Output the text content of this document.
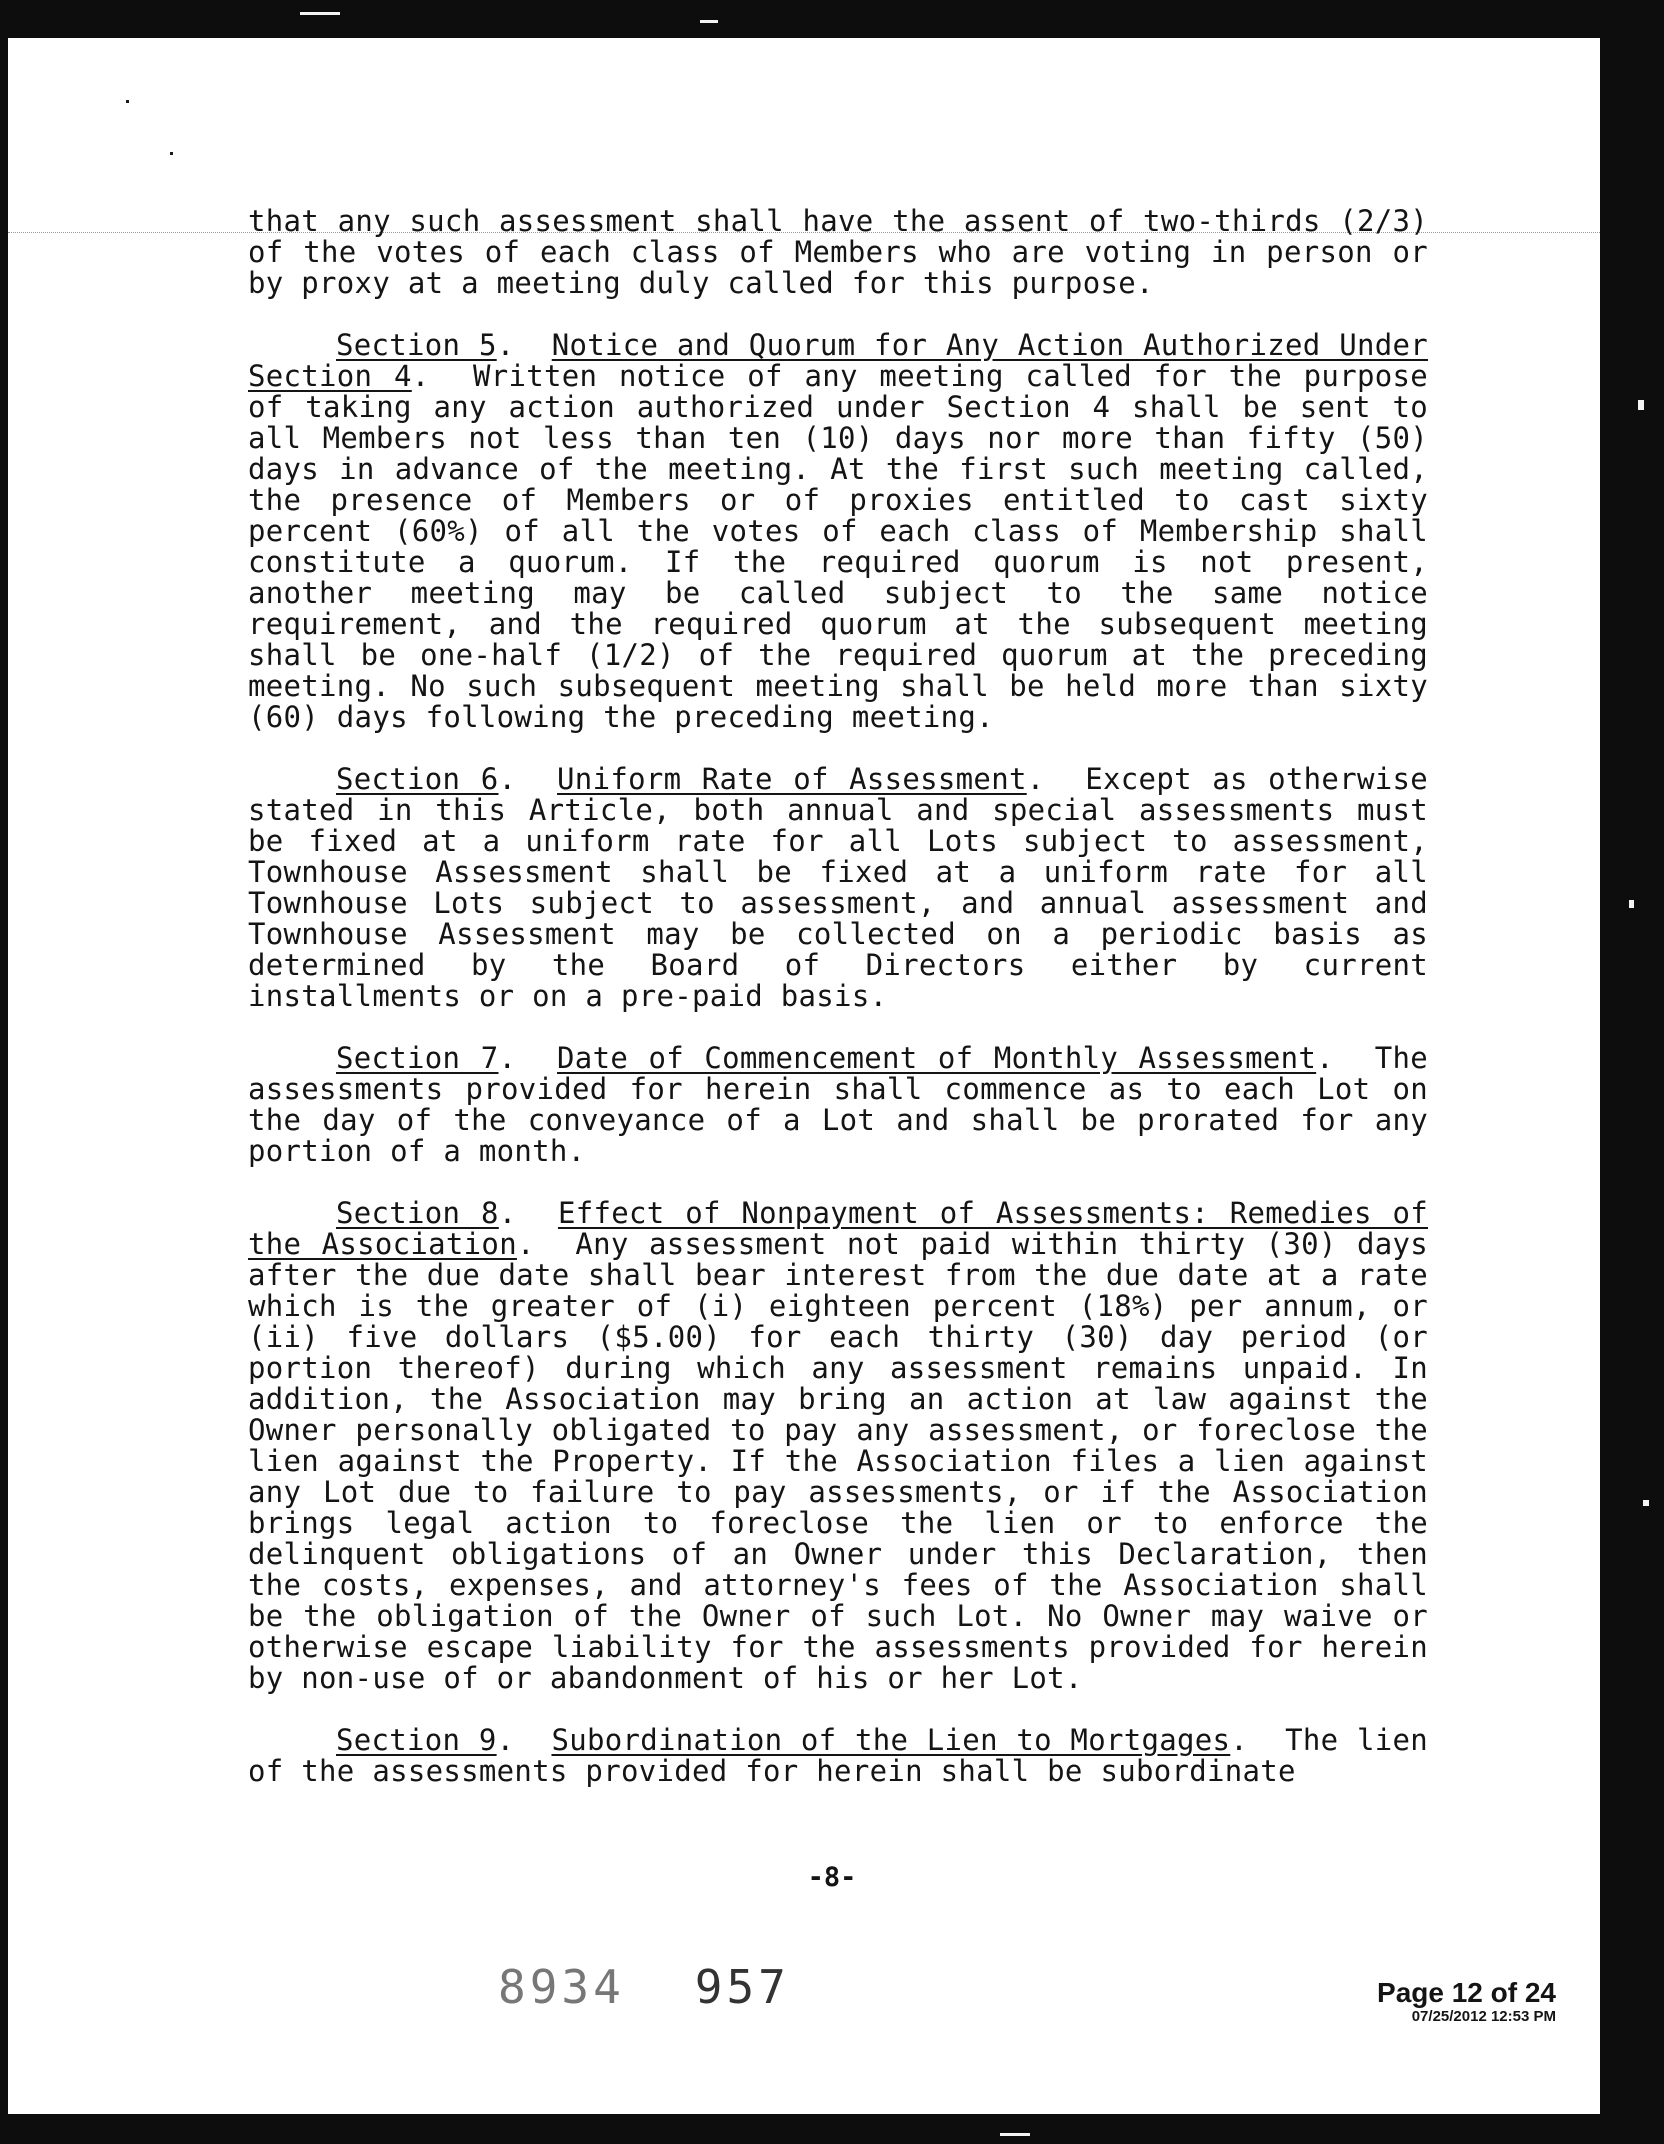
that any such assessment shall have the assent of two-thirds (2/3) of the votes of each class of Members who are voting in person or by proxy at a meeting duly called for this purpose.

Section 5.  Notice and Quorum for Any Action Authorized Under Section 4.  Written notice of any meeting called for the purpose of taking any action authorized under Section 4 shall be sent to all Members not less than ten (10) days nor more than fifty (50) days in advance of the meeting. At the first such meeting called, the presence of Members or of proxies entitled to cast sixty percent (60%) of all the votes of each class of Membership shall constitute a quorum. If the required quorum is not present, another meeting may be called subject to the same notice requirement, and the required quorum at the subsequent meeting shall be one-half (1/2) of the required quorum at the preceding meeting. No such subsequent meeting shall be held more than sixty (60) days following the preceding meeting.

Section 6.  Uniform Rate of Assessment.  Except as otherwise stated in this Article, both annual and special assessments must be fixed at a uniform rate for all Lots subject to assessment, Townhouse Assessment shall be fixed at a uniform rate for all Townhouse Lots subject to assessment, and annual assessment and Townhouse Assessment may be collected on a periodic basis as determined by the Board of Directors either by current installments or on a pre-paid basis.

Section 7.  Date of Commencement of Monthly Assessment.  The assessments provided for herein shall commence as to each Lot on the day of the conveyance of a Lot and shall be prorated for any portion of a month.

Section 8.  Effect of Nonpayment of Assessments: Remedies of the Association.  Any assessment not paid within thirty (30) days after the due date shall bear interest from the due date at a rate which is the greater of (i) eighteen percent (18%) per annum, or (ii) five dollars ($5.00) for each thirty (30) day period (or portion thereof) during which any assessment remains unpaid. In addition, the Association may bring an action at law against the Owner personally obligated to pay any assessment, or foreclose the lien against the Property. If the Association files a lien against any Lot due to failure to pay assessments, or if the Association brings legal action to foreclose the lien or to enforce the delinquent obligations of an Owner under this Declaration, then the costs, expenses, and attorney's fees of the Association shall be the obligation of the Owner of such Lot. No Owner may waive or otherwise escape liability for the assessments provided for herein by non-use of or abandonment of his or her Lot.

Section 9.  Subordination of the Lien to Mortgages.  The lien of the assessments provided for herein shall be subordinate

-8-
8934 957	Page 12 of 24
07/25/2012 12:53 PM
